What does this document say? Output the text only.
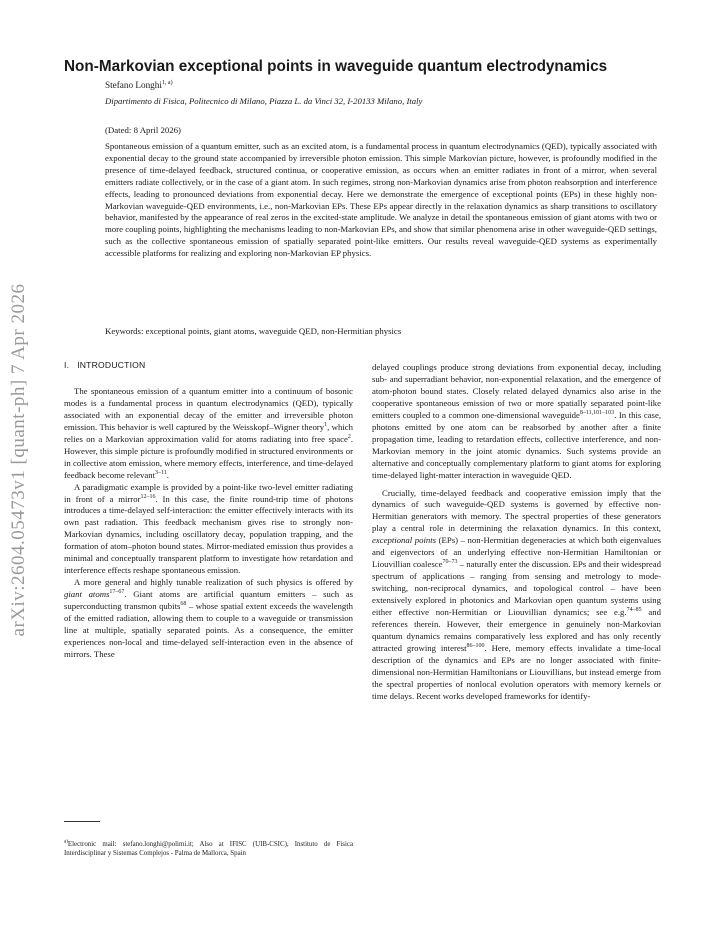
arXiv:2604.05473v1 [quant-ph] 7 Apr 2026
Non-Markovian exceptional points in waveguide quantum electrodynamics
Stefano Longhi$^{1, a)}$
Dipartimento di Fisica, Politecnico di Milano, Piazza L. da Vinci 32, I-20133 Milano, Italy
(Dated: 8 April 2026)
Spontaneous emission of a quantum emitter, such as an excited atom, is a fundamental process in quantum electrodynamics (QED), typically associated with exponential decay to the ground state accompanied by irreversible photon emission. This simple Markovian picture, however, is profoundly modified in the presence of time-delayed feedback, structured continua, or cooperative emission, as occurs when an emitter radiates in front of a mirror, when several emitters radiate collectively, or in the case of a giant atom. In such regimes, strong non-Markovian dynamics arise from photon reabsorption and interference effects, leading to pronounced deviations from exponential decay. Here we demonstrate the emergence of exceptional points (EPs) in these highly non-Markovian waveguide-QED environments, i.e., non-Markovian EPs. These EPs appear directly in the relaxation dynamics as sharp transitions to oscillatory behavior, manifested by the appearance of real zeros in the excited-state amplitude. We analyze in detail the spontaneous emission of giant atoms with two or more coupling points, highlighting the mechanisms leading to non-Markovian EPs, and show that similar phenomena arise in other waveguide-QED settings, such as the collective spontaneous emission of spatially separated point-like emitters. Our results reveal waveguide-QED systems as experimentally accessible platforms for realizing and exploring non-Markovian EP physics.
Keywords: exceptional points, giant atoms, waveguide QED, non-Hermitian physics
I. INTRODUCTION

The spontaneous emission of a quantum emitter into a continuum of bosonic modes is a fundamental process in quantum electrodynamics (QED), typically associated with an exponential decay of the emitter and irreversible photon emission. This behavior is well captured by the Weisskopf–Wigner theory$^1$, which relies on a Markovian approximation valid for atoms radiating into free space$^2$. However, this simple picture is profoundly modified in structured environments or in collective atom emission, where memory effects, interference, and time-delayed feedback become relevant$^{3-11}$.

A paradigmatic example is provided by a point-like two-level emitter radiating in front of a mirror$^{12-16}$. In this case, the finite round-trip time of photons introduces a time-delayed self-interaction: the emitter effectively interacts with its own past radiation. This feedback mechanism gives rise to strongly non-Markovian dynamics, including oscillatory decay, population trapping, and the formation of atom–photon bound states. Mirror-mediated emission thus provides a minimal and conceptually transparent platform to investigate how retardation and interference effects reshape spontaneous emission.

A more general and highly tunable realization of such physics is offered by giant atoms$^{17-67}$. Giant atoms are artificial quantum emitters – such as superconducting transmon qubits$^{68}$ – whose spatial extent exceeds the wavelength of the emitted radiation, allowing them to couple to a waveguide or transmission line at multiple, spatially separated points. As a consequence, the emitter experiences non-local and time-delayed self-interaction even in the absence of mirrors. These

delayed couplings produce strong deviations from exponential decay, including sub- and superradiant behavior, non-exponential relaxation, and the emergence of atom-photon bound states. Closely related delayed dynamics also arise in the cooperative spontaneous emission of two or more spatially separated point-like emitters coupled to a common one-dimensional waveguide$^{8-11,101-103}$. In this case, photons emitted by one atom can be reabsorbed by another after a finite propagation time, leading to retardation effects, collective interference, and non-Markovian memory in the joint atomic dynamics. Such systems provide an alternative and conceptually complementary platform to giant atoms for exploring time-delayed light-matter interaction in waveguide QED.

Crucially, time-delayed feedback and cooperative emission imply that the dynamics of such waveguide-QED systems is governed by effective non-Hermitian generators with memory. The spectral properties of these generators play a central role in determining the relaxation dynamics. In this context, exceptional points (EPs) – non-Hermitian degeneracies at which both eigenvalues and eigenvectors of an underlying effective non-Hermitian Hamiltonian or Liouvillian coalesce$^{70-73}$ – naturally enter the discussion. EPs and their widespread spectrum of applications – ranging from sensing and metrology to mode-switching, non-reciprocal dynamics, and topological control – have been extensively explored in photonics and Markovian open quantum systems using either effective non-Hermitian or Liouvillian dynamics; see e.g.$^{74-85}$ and references therein. However, their emergence in genuinely non-Markovian quantum dynamics remains comparatively less explored and has only recently attracted growing interest$^{86-100}$. Here, memory effects invalidate a time-local description of the dynamics and EPs are no longer associated with finite-dimensional non-Hermitian Hamiltonians or Liouvillians, but instead emerge from the spectral properties of nonlocal evolution operators with memory kernels or time delays. Recent works developed frameworks for identify-

$^{a)}$Electronic mail: stefano.longhi@polimi.it; Also at IFISC (UIB-CSIC), Instituto de Fisica Interdisciplinar y Sistemas Complejos - Palma de Mallorca, Spain
